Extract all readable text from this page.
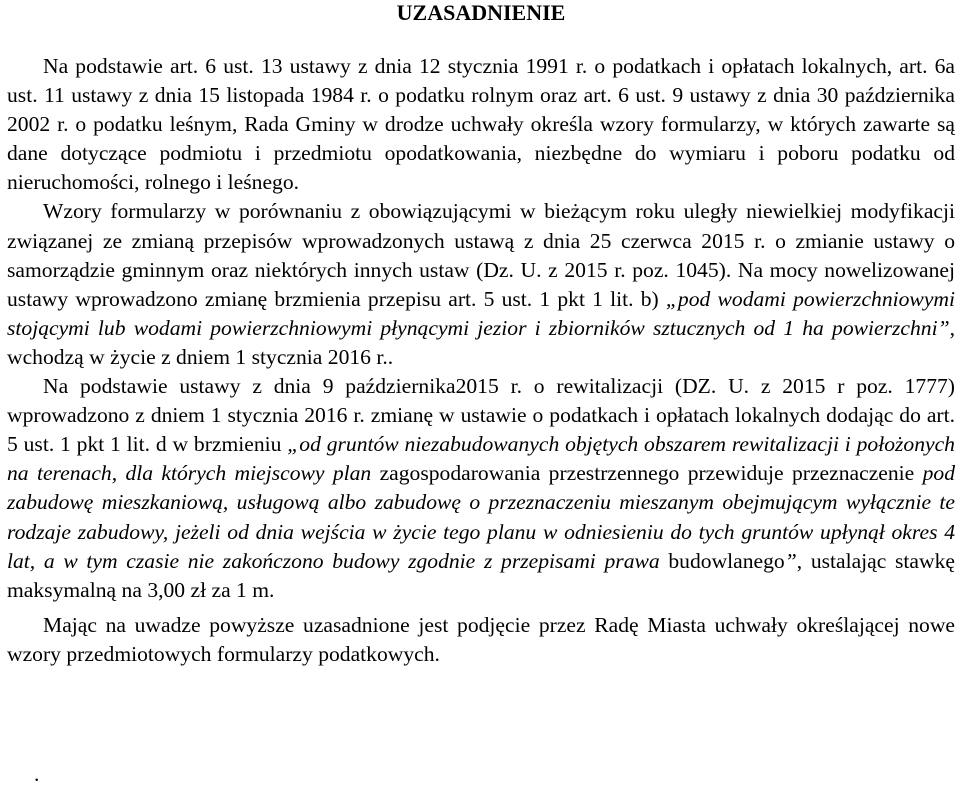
UZASADNIENIE

Na podstawie art. 6 ust. 13 ustawy z dnia 12 stycznia 1991 r. o podatkach i opłatach lokalnych, art. 6a ust. 11 ustawy z dnia 15 listopada 1984 r. o podatku rolnym oraz art. 6 ust. 9 ustawy z dnia 30 października 2002 r. o podatku leśnym, Rada Gminy w drodze uchwały określa wzory formularzy, w których zawarte są dane dotyczące podmiotu i przedmiotu opodatkowania, niezbędne do wymiaru i poboru podatku od nieruchomości, rolnego i leśnego.

Wzory formularzy w porównaniu z obowiązującymi w bieżącym roku uległy niewielkiej modyfikacji związanej ze zmianą przepisów wprowadzonych ustawą z dnia 25 czerwca 2015 r. o zmianie ustawy o samorządzie gminnym oraz niektórych innych ustaw (Dz. U. z 2015 r. poz. 1045). Na mocy nowelizowanej ustawy wprowadzono zmianę brzmienia przepisu art. 5 ust. 1 pkt 1 lit. b) „pod wodami powierzchniowymi stojącymi lub wodami powierzchniowymi płynącymi jezior i zbiorników sztucznych od 1 ha powierzchni”, wchodzą w życie z dniem 1 stycznia 2016 r..

Na podstawie ustawy z dnia 9 października2015 r. o rewitalizacji (DZ. U. z 2015 r poz. 1777) wprowadzono z dniem 1 stycznia 2016 r. zmianę w ustawie o podatkach i opłatach lokalnych dodając do art. 5 ust. 1 pkt 1 lit. d w brzmieniu „od gruntów niezabudowanych objętych obszarem rewitalizacji i położonych na terenach, dla których miejscowy plan zagospodarowania przestrzennego przewiduje przeznaczenie pod zabudowę mieszkaniową, usługową albo zabudowę o przeznaczeniu mieszanym obejmującym wyłącznie te rodzaje zabudowy, jeżeli od dnia wejścia w życie tego planu w odniesieniu do tych gruntów upłynął okres 4 lat, a w tym czasie nie zakończono budowy zgodnie z przepisami prawa budowlanego”, ustalając stawkę maksymalną na 3,00 zł za 1 m.

Mając na uwadze powyższe uzasadnione jest podjęcie przez Radę Miasta uchwały określającej nowe wzory przedmiotowych formularzy podatkowych.

.
